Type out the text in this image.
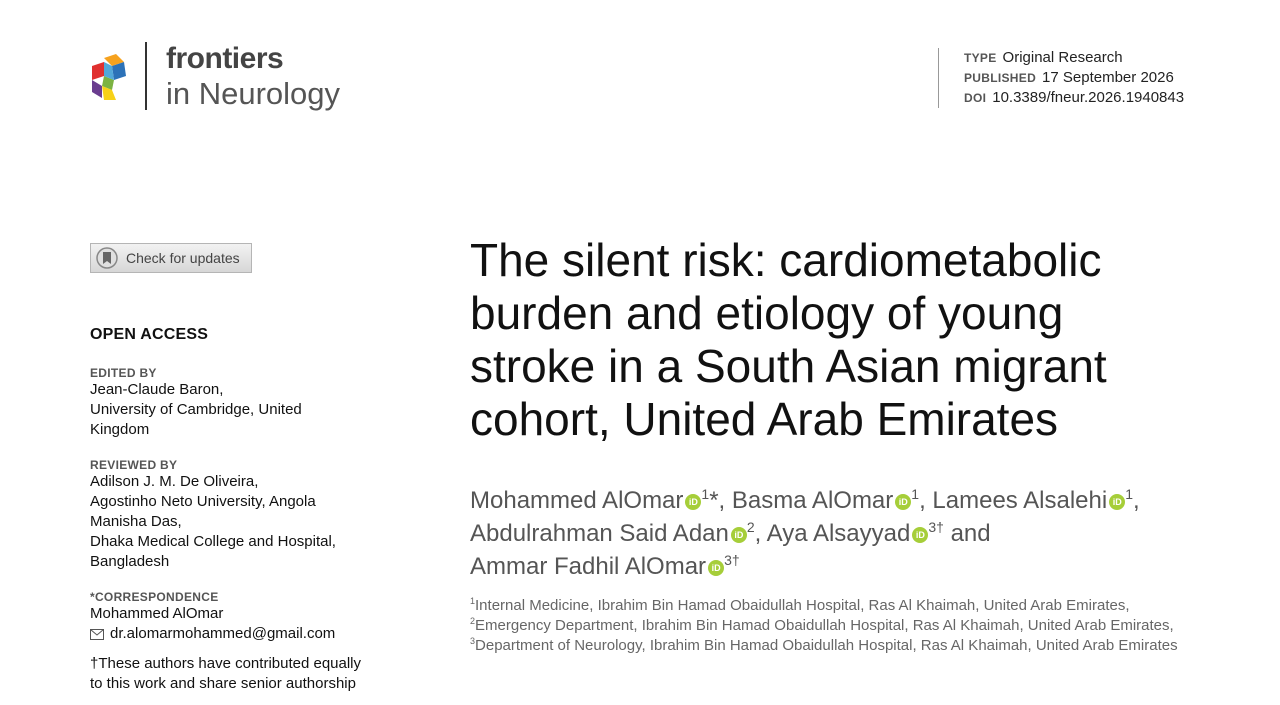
frontiers
in Neurology
TYPE Original Research
PUBLISHED 17 September 2026
DOI 10.3389/fneur.2026.1940843
Check for updates
OPEN ACCESS
EDITED BY
Jean-Claude Baron,
University of Cambridge, United
Kingdom
REVIEWED BY
Adilson J. M. De Oliveira,
Agostinho Neto University, Angola
Manisha Das,
Dhaka Medical College and Hospital,
Bangladesh
*CORRESPONDENCE
Mohammed AlOmar
dr.alomarmohammed@gmail.com
†These authors have contributed equally
to this work and share senior authorship
The silent risk: cardiometabolic burden and etiology of young stroke in a South Asian migrant cohort, United Arab Emirates
Mohammed AlOmar iD $^1$*, Basma AlOmar iD $^1$, Lamees Alsalehi iD $^1$,
Abdulrahman Said Adan iD $^2$, Aya Alsayyad iD $^{3\dagger}$ and
Ammar Fadhil AlOmar iD $^{3\dagger}$
$^1$Internal Medicine, Ibrahim Bin Hamad Obaidullah Hospital, Ras Al Khaimah, United Arab Emirates, $^2$Emergency Department, Ibrahim Bin Hamad Obaidullah Hospital, Ras Al Khaimah, United Arab Emirates, $^3$Department of Neurology, Ibrahim Bin Hamad Obaidullah Hospital, Ras Al Khaimah, United Arab Emirates
